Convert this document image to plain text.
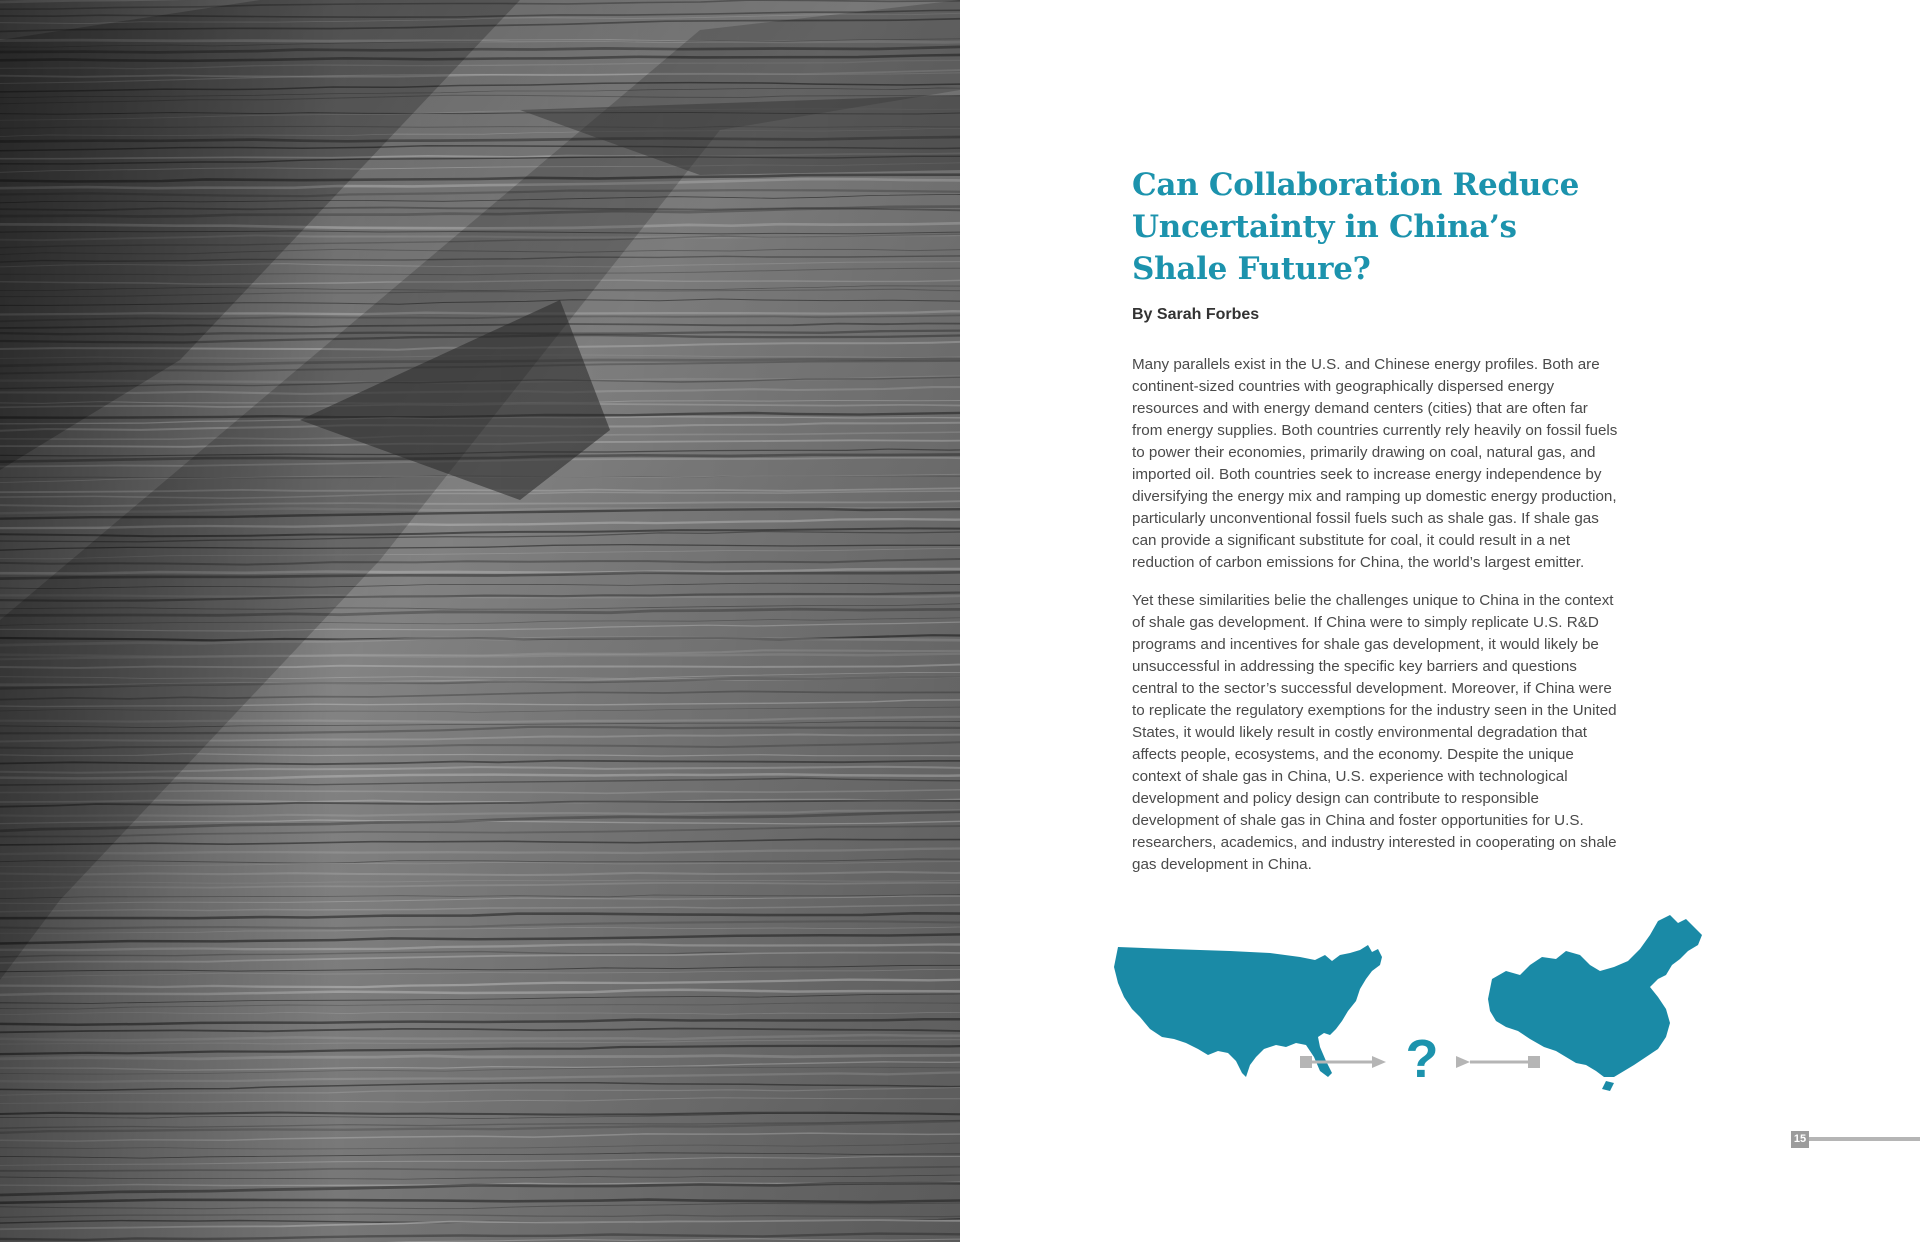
Can Collaboration Reduce Uncertainty in China’s Shale Future?

By Sarah Forbes

Many parallels exist in the U.S. and Chinese energy profiles. Both are continent-sized countries with geographically dispersed energy resources and with energy demand centers (cities) that are often far from energy supplies. Both countries currently rely heavily on fossil fuels to power their economies, primarily drawing on coal, natural gas, and imported oil. Both countries seek to increase energy independence by diversifying the energy mix and ramping up domestic energy production, particularly unconventional fossil fuels such as shale gas. If shale gas can provide a significant substitute for coal, it could result in a net reduction of carbon emissions for China, the world’s largest emitter.

Yet these similarities belie the challenges unique to China in the context of shale gas development. If China were to simply replicate U.S. R&D programs and incentives for shale gas development, it would likely be unsuccessful in addressing the specific key barriers and questions central to the sector’s successful development. Moreover, if China were to replicate the regulatory exemptions for the industry seen in the United States, it would likely result in costly environmental degradation that affects people, ecosystems, and the economy. Despite the unique context of shale gas in China, U.S. experience with technological development and policy design can contribute to responsible development of shale gas in China and foster opportunities for U.S. researchers, academics, and industry interested in cooperating on shale gas development in China.

?
15
